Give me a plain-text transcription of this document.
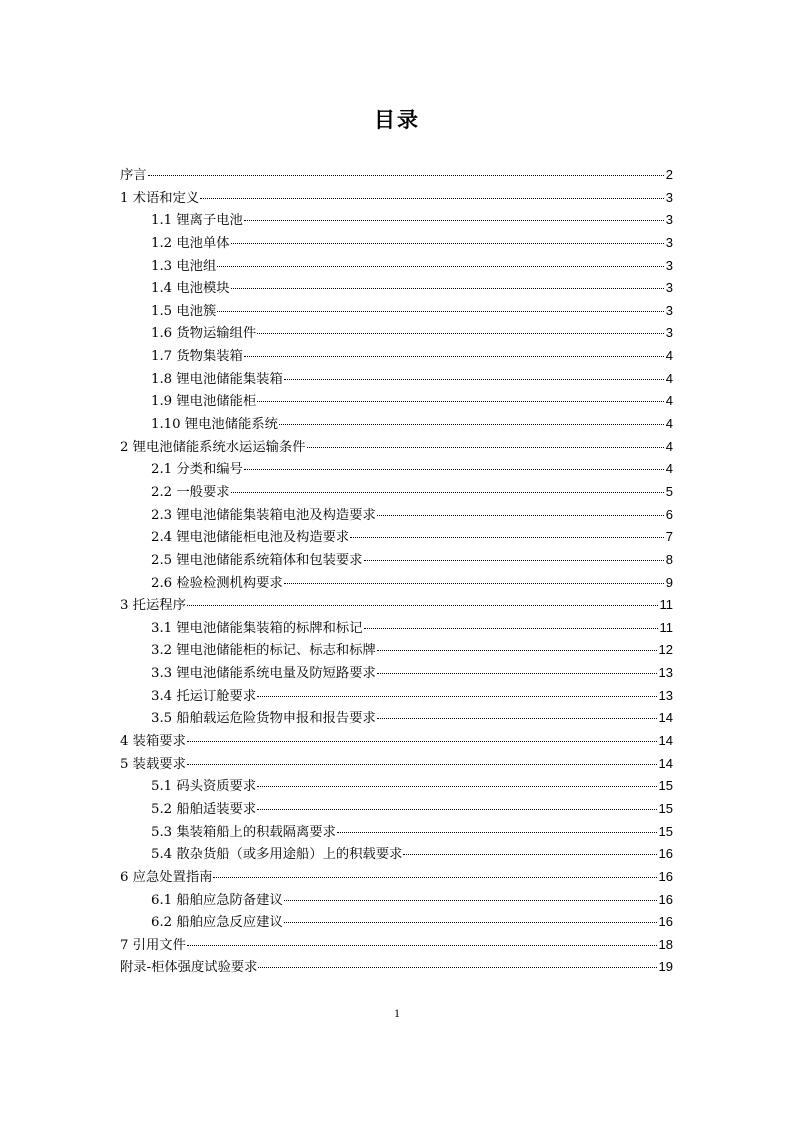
目录
序言	2
1 术语和定义	3
1.1 锂离子电池	3
1.2 电池单体	3
1.3 电池组	3
1.4 电池模块	3
1.5 电池簇	3
1.6 货物运输组件	3
1.7 货物集装箱	4
1.8 锂电池储能集装箱	4
1.9 锂电池储能柜	4
1.10 锂电池储能系统	4
2 锂电池储能系统水运运输条件	4
2.1 分类和编号	4
2.2 一般要求	5
2.3 锂电池储能集装箱电池及构造要求	6
2.4 锂电池储能柜电池及构造要求	7
2.5 锂电池储能系统箱体和包装要求	8
2.6 检验检测机构要求	9
3 托运程序	11
3.1 锂电池储能集装箱的标牌和标记	11
3.2 锂电池储能柜的标记、标志和标牌	12
3.3 锂电池储能系统电量及防短路要求	13
3.4 托运订舱要求	13
3.5 船舶载运危险货物申报和报告要求	14
4 装箱要求	14
5 装载要求	14
5.1 码头资质要求	15
5.2 船舶适装要求	15
5.3 集装箱船上的积载隔离要求	15
5.4 散杂货船（或多用途船）上的积载要求	16
6 应急处置指南	16
6.1 船舶应急防备建议	16
6.2 船舶应急反应建议	16
7 引用文件	18
附录-柜体强度试验要求	19
1
